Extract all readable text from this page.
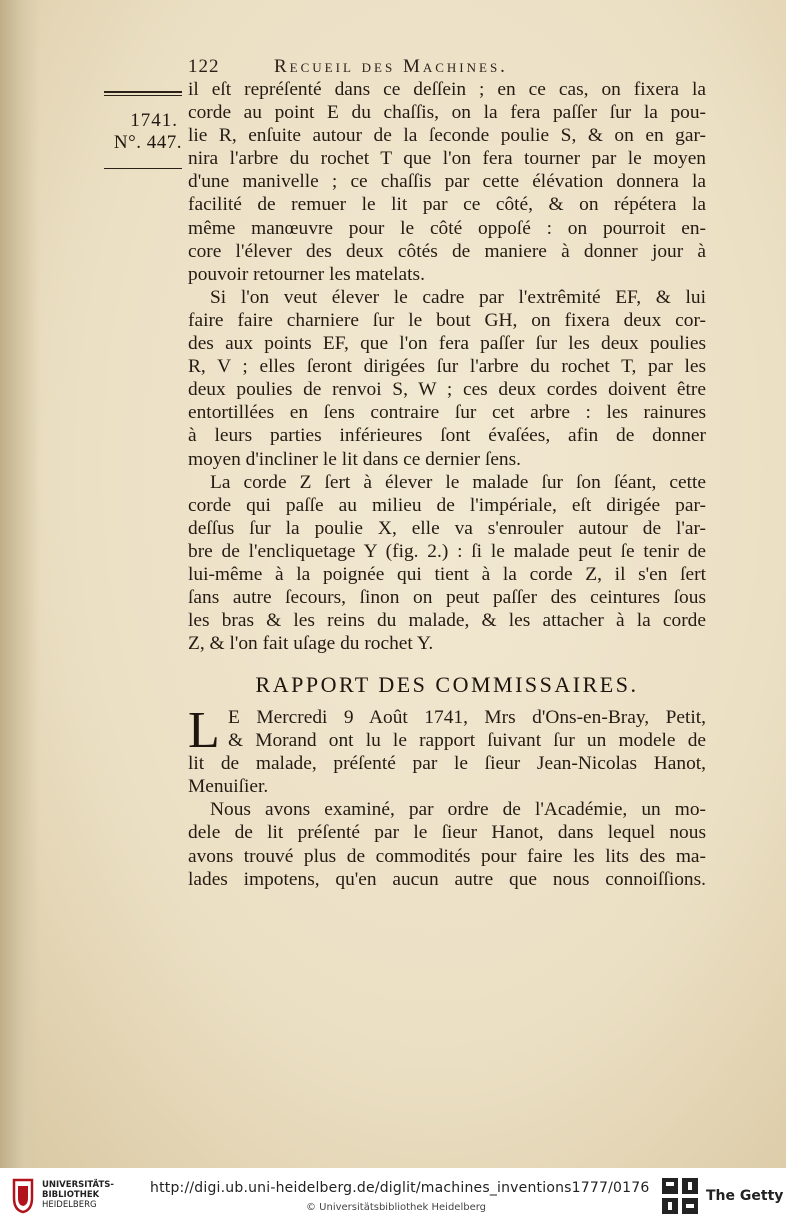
122	Recueil des Machines.
1741.
N°. 447.
il eſt repréſenté dans ce deſſein ; en ce cas, on fixera la
corde au point E du chaſſis, on la fera paſſer ſur la pou-
lie R, enſuite autour de la ſeconde poulie S, & on en gar-
nira l'arbre du rochet T que l'on fera tourner par le moyen
d'une manivelle ; ce chaſſis par cette élévation donnera la
facilité de remuer le lit par ce côté, & on répétera la
même manœuvre pour le côté oppoſé : on pourroit en-
core l'élever des deux côtés de maniere à donner jour à
pouvoir retourner les matelats.
Si l'on veut élever le cadre par l'extrêmité EF, & lui
faire faire charniere ſur le bout GH, on fixera deux cor-
des aux points EF, que l'on fera paſſer ſur les deux poulies
R, V ; elles ſeront dirigées ſur l'arbre du rochet T, par les
deux poulies de renvoi S, W ; ces deux cordes doivent être
entortillées en ſens contraire ſur cet arbre : les rainures
à leurs parties inférieures ſont évaſées, afin de donner
moyen d'incliner le lit dans ce dernier ſens.
La corde Z ſert à élever le malade ſur ſon ſéant, cette
corde qui paſſe au milieu de l'impériale, eſt dirigée par-
deſſus ſur la poulie X, elle va s'enrouler autour de l'ar-
bre de l'encliquetage Y (fig. 2.) : ſi le malade peut ſe tenir de
lui-même à la poignée qui tient à la corde Z, il s'en ſert
ſans autre ſecours, ſinon on peut paſſer des ceintures ſous
les bras & les reins du malade, & les attacher à la corde
Z, & l'on fait uſage du rochet Y.
RAPPORT DES COMMISSAIRES.
L E Mercredi 9 Août 1741, Mrs d'Ons-en-Bray, Petit,
& Morand ont lu le rapport ſuivant ſur un modele de
lit de malade, préſenté par le ſieur Jean-Nicolas Hanot,
Menuiſier.
Nous avons examiné, par ordre de l'Académie, un mo-
dele de lit préſenté par le ſieur Hanot, dans lequel nous
avons trouvé plus de commodités pour faire les lits des ma-
lades impotens, qu'en aucun autre que nous connoiſſions.
UNIVERSITÄTS-
BIBLIOTHEK
HEIDELBERG
http://digi.ub.uni-heidelberg.de/diglit/machines_inventions1777/0176
© Universitätsbibliothek Heidelberg
The Getty
